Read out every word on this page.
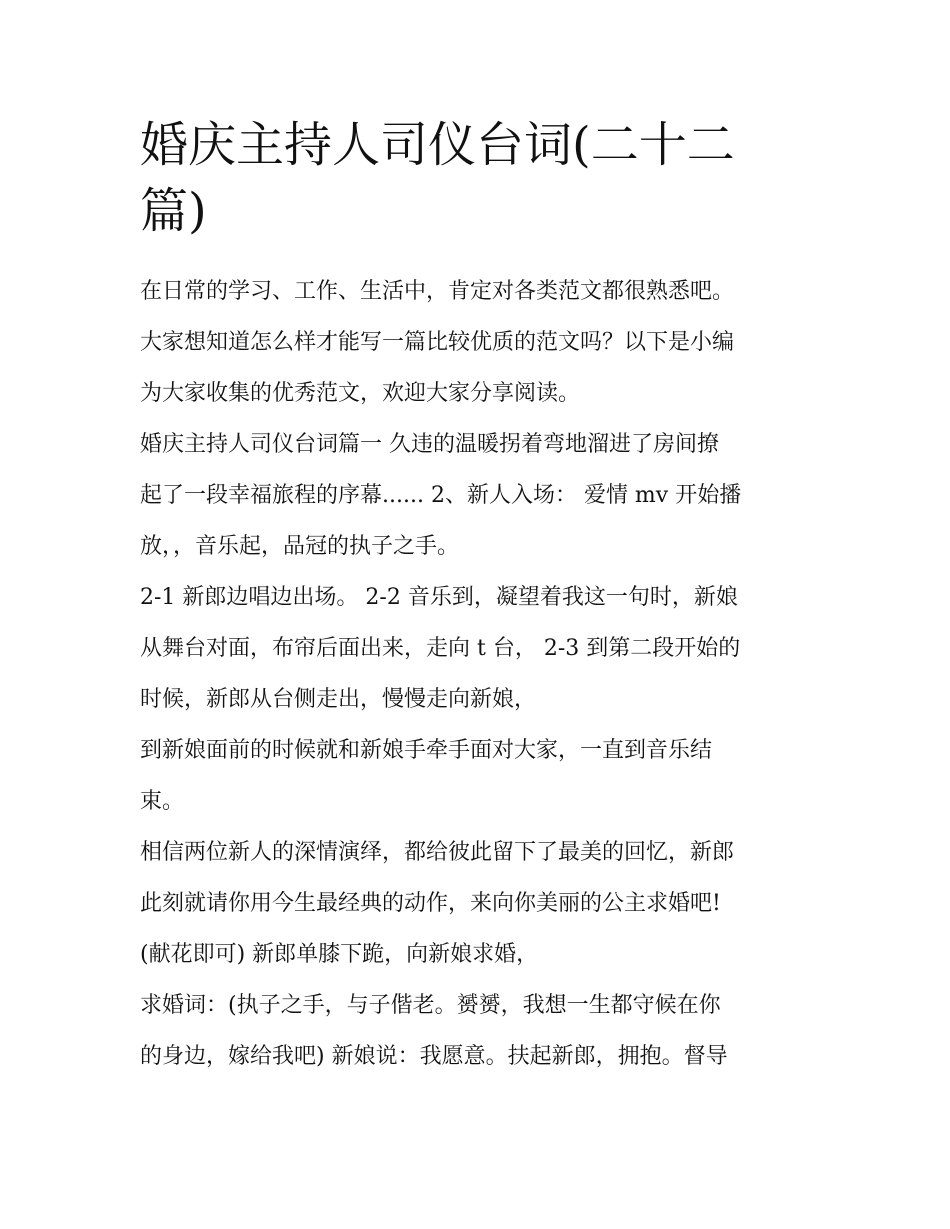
婚庆主持人司仪台词(二十二
篇)

在日常的学习、工作、生活中，肯定对各类范文都很熟悉吧。
大家想知道怎么样才能写一篇比较优质的范文吗？以下是小编
为大家收集的优秀范文，欢迎大家分享阅读。

婚庆主持人司仪台词篇一 久违的温暖拐着弯地溜进了房间撩
起了一段幸福旅程的序幕...... 2、新人入场： 爱情 mv 开始播
放，，音乐起，品冠的执子之手。

2-1 新郎边唱边出场。 2-2 音乐到，凝望着我这一句时，新娘
从舞台对面，布帘后面出来，走向 t 台， 2-3 到第二段开始的
时候，新郎从台侧走出，慢慢走向新娘，

到新娘面前的时候就和新娘手牵手面对大家，一直到音乐结
束。

相信两位新人的深情演绎，都给彼此留下了最美的回忆，新郎
此刻就请你用今生最经典的动作，来向你美丽的公主求婚吧!
(献花即可) 新郎单膝下跪，向新娘求婚，

求婚词：(执子之手，与子偕老。赟赟，我想一生都守候在你
的身边，嫁给我吧) 新娘说：我愿意。扶起新郎，拥抱。督导
